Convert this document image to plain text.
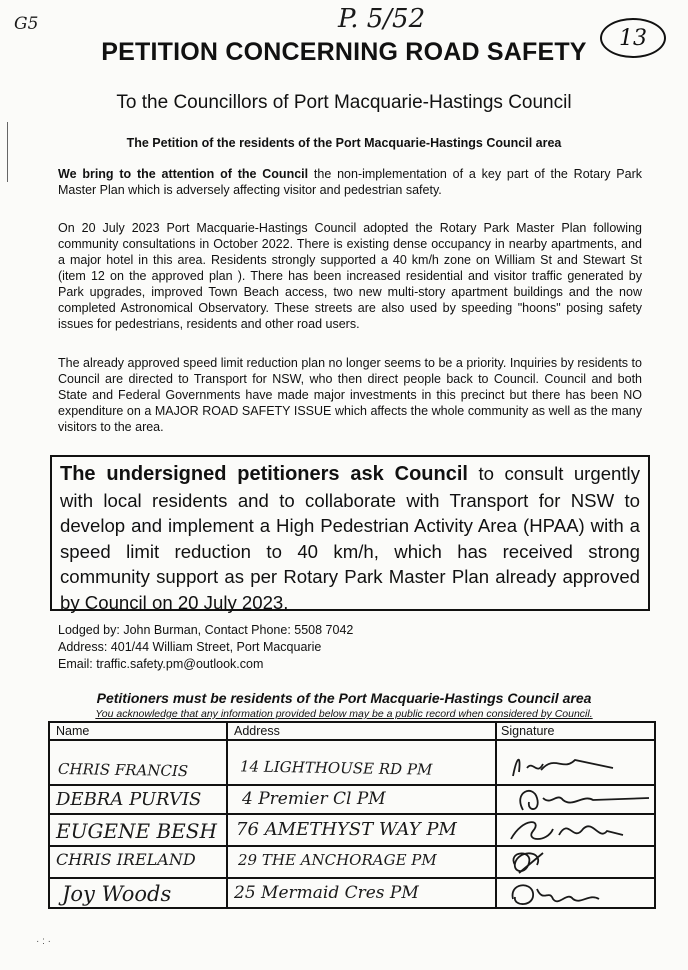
G5	P. 5/52
13
PETITION CONCERNING ROAD SAFETY
To the Councillors of Port Macquarie-Hastings Council
The Petition of the residents of the Port Macquarie-Hastings Council area

We bring to the attention of the Council the non-implementation of a key part of the Rotary Park Master Plan which is adversely affecting visitor and pedestrian safety.

On 20 July 2023 Port Macquarie-Hastings Council adopted the Rotary Park Master Plan following community consultations in October 2022. There is existing dense occupancy in nearby apartments, and a major hotel in this area. Residents strongly supported a 40 km/h zone on William St and Stewart St (item 12 on the approved plan ). There has been increased residential and visitor traffic generated by Park upgrades, improved Town Beach access, two new multi-story apartment buildings and the now completed Astronomical Observatory. These streets are also used by speeding "hoons" posing safety issues for pedestrians, residents and other road users.

The already approved speed limit reduction plan no longer seems to be a priority. Inquiries by residents to Council are directed to Transport for NSW, who then direct people back to Council. Council and both State and Federal Governments have made major investments in this precinct but there has been NO expenditure on a MAJOR ROAD SAFETY ISSUE which affects the whole community as well as the many visitors to the area.

The undersigned petitioners ask Council to consult urgently with local residents and to collaborate with Transport for NSW to develop and implement a High Pedestrian Activity Area (HPAA) with a speed limit reduction to 40 km/h, which has received strong community support as per Rotary Park Master Plan already approved by Council on 20 July 2023.
Lodged by: John Burman, Contact Phone: 5508 7042
Address: 401/44 William Street, Port Macquarie
Email: traffic.safety.pm@outlook.com
Petitioners must be residents of the Port Macquarie-Hastings Council area
You acknowledge that any information provided below may be a public record when considered by Council.
Name	Address	Signature
CHRIS FRANCIS	14 LIGHTHOUSE RD PM
DEBRA PURVIS 4 Premier Cl PM
EUGENE BESH 76 AMETHYST WAY PM
CHRIS IRELAND	29 THE ANCHORAGE PM
Joy Woods	25 Mermaid Cres PM
· : ·
